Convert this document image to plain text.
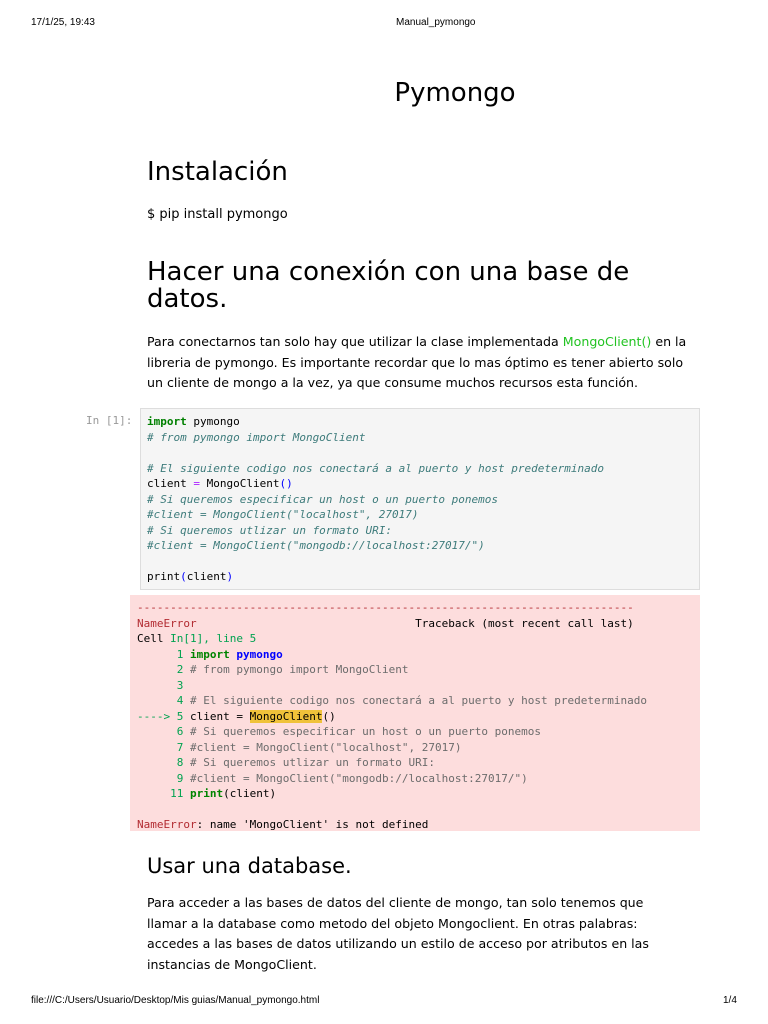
17/1/25, 19:43	Manual_pymongo
Pymongo
Instalación
$ pip install pymongo
Hacer una conexión con una base de datos.
Para conectarnos tan solo hay que utilizar la clase implementada MongoClient() en la libreria de pymongo. Es importante recordar que lo mas óptimo es tener abierto solo un cliente de mongo a la vez, ya que consume muchos recursos esta función.
In [1]: import pymongo
# from pymongo import MongoClient

# El siguiente codigo nos conectará a al puerto y host predeterminado
client = MongoClient()
# Si queremos especificar un host o un puerto ponemos
#client = MongoClient("localhost", 27017)
# Si queremos utlizar un formato URI:
#client = MongoClient("mongodb://localhost:27017/")

print(client)
---------------------------------------------------------------------------
NameError                                 Traceback (most recent call last)
Cell In[1], line 5
1 import pymongo
2 # from pymongo import MongoClient
3
4 # El siguiente codigo nos conectará a al puerto y host predeterminado
----> 5 client = MongoClient()
6 # Si queremos especificar un host o un puerto ponemos
7 #client = MongoClient("localhost", 27017)
8 # Si queremos utlizar un formato URI:
9 #client = MongoClient("mongodb://localhost:27017/")
11 print(client)

NameError: name 'MongoClient' is not defined
Usar una database.
Para acceder a las bases de datos del cliente de mongo, tan solo tenemos que llamar a la database como metodo del objeto Mongoclient. En otras palabras: accedes a las bases de datos utilizando un estilo de acceso por atributos en las instancias de MongoClient.
file:///C:/Users/Usuario/Desktop/Mis guias/Manual_pymongo.html	1/4
